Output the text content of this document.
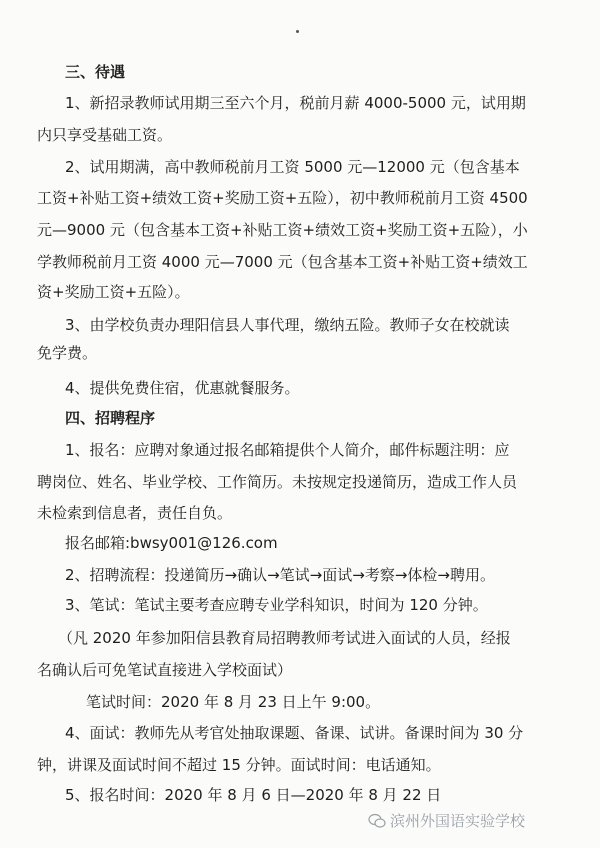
三、待遇
1、新招录教师试用期三至六个月，税前月薪 4000-5000 元，试用期
内只享受基础工资。
2、试用期满，高中教师税前月工资 5000 元—12000 元（包含基本
工资+补贴工资+绩效工资+奖励工资+五险），初中教师税前月工资 4500
元—9000 元（包含基本工资+补贴工资+绩效工资+奖励工资+五险），小
学教师税前月工资 4000 元—7000 元（包含基本工资+补贴工资+绩效工
资+奖励工资+五险）。
3、由学校负责办理阳信县人事代理，缴纳五险。教师子女在校就读
免学费。
4、提供免费住宿，优惠就餐服务。
四、招聘程序
1、报名：应聘对象通过报名邮箱提供个人简介，邮件标题注明：应
聘岗位、姓名、毕业学校、工作简历。未按规定投递简历，造成工作人员
未检索到信息者，责任自负。
报名邮箱:bwsy001@126.com
2、招聘流程：投递简历→确认→笔试→面试→考察→体检→聘用。
3、笔试：笔试主要考查应聘专业学科知识，时间为 120 分钟。
（凡 2020 年参加阳信县教育局招聘教师考试进入面试的人员，经报
名确认后可免笔试直接进入学校面试）
笔试时间：2020 年 8 月 23 日上午 9:00。
4、面试：教师先从考官处抽取课题、备课、试讲。备课时间为 30 分
钟，讲课及面试时间不超过 15 分钟。面试时间：电话通知。
5、报名时间：2020 年 8 月 6 日—2020 年 8 月 22 日
滨州外国语实验学校
